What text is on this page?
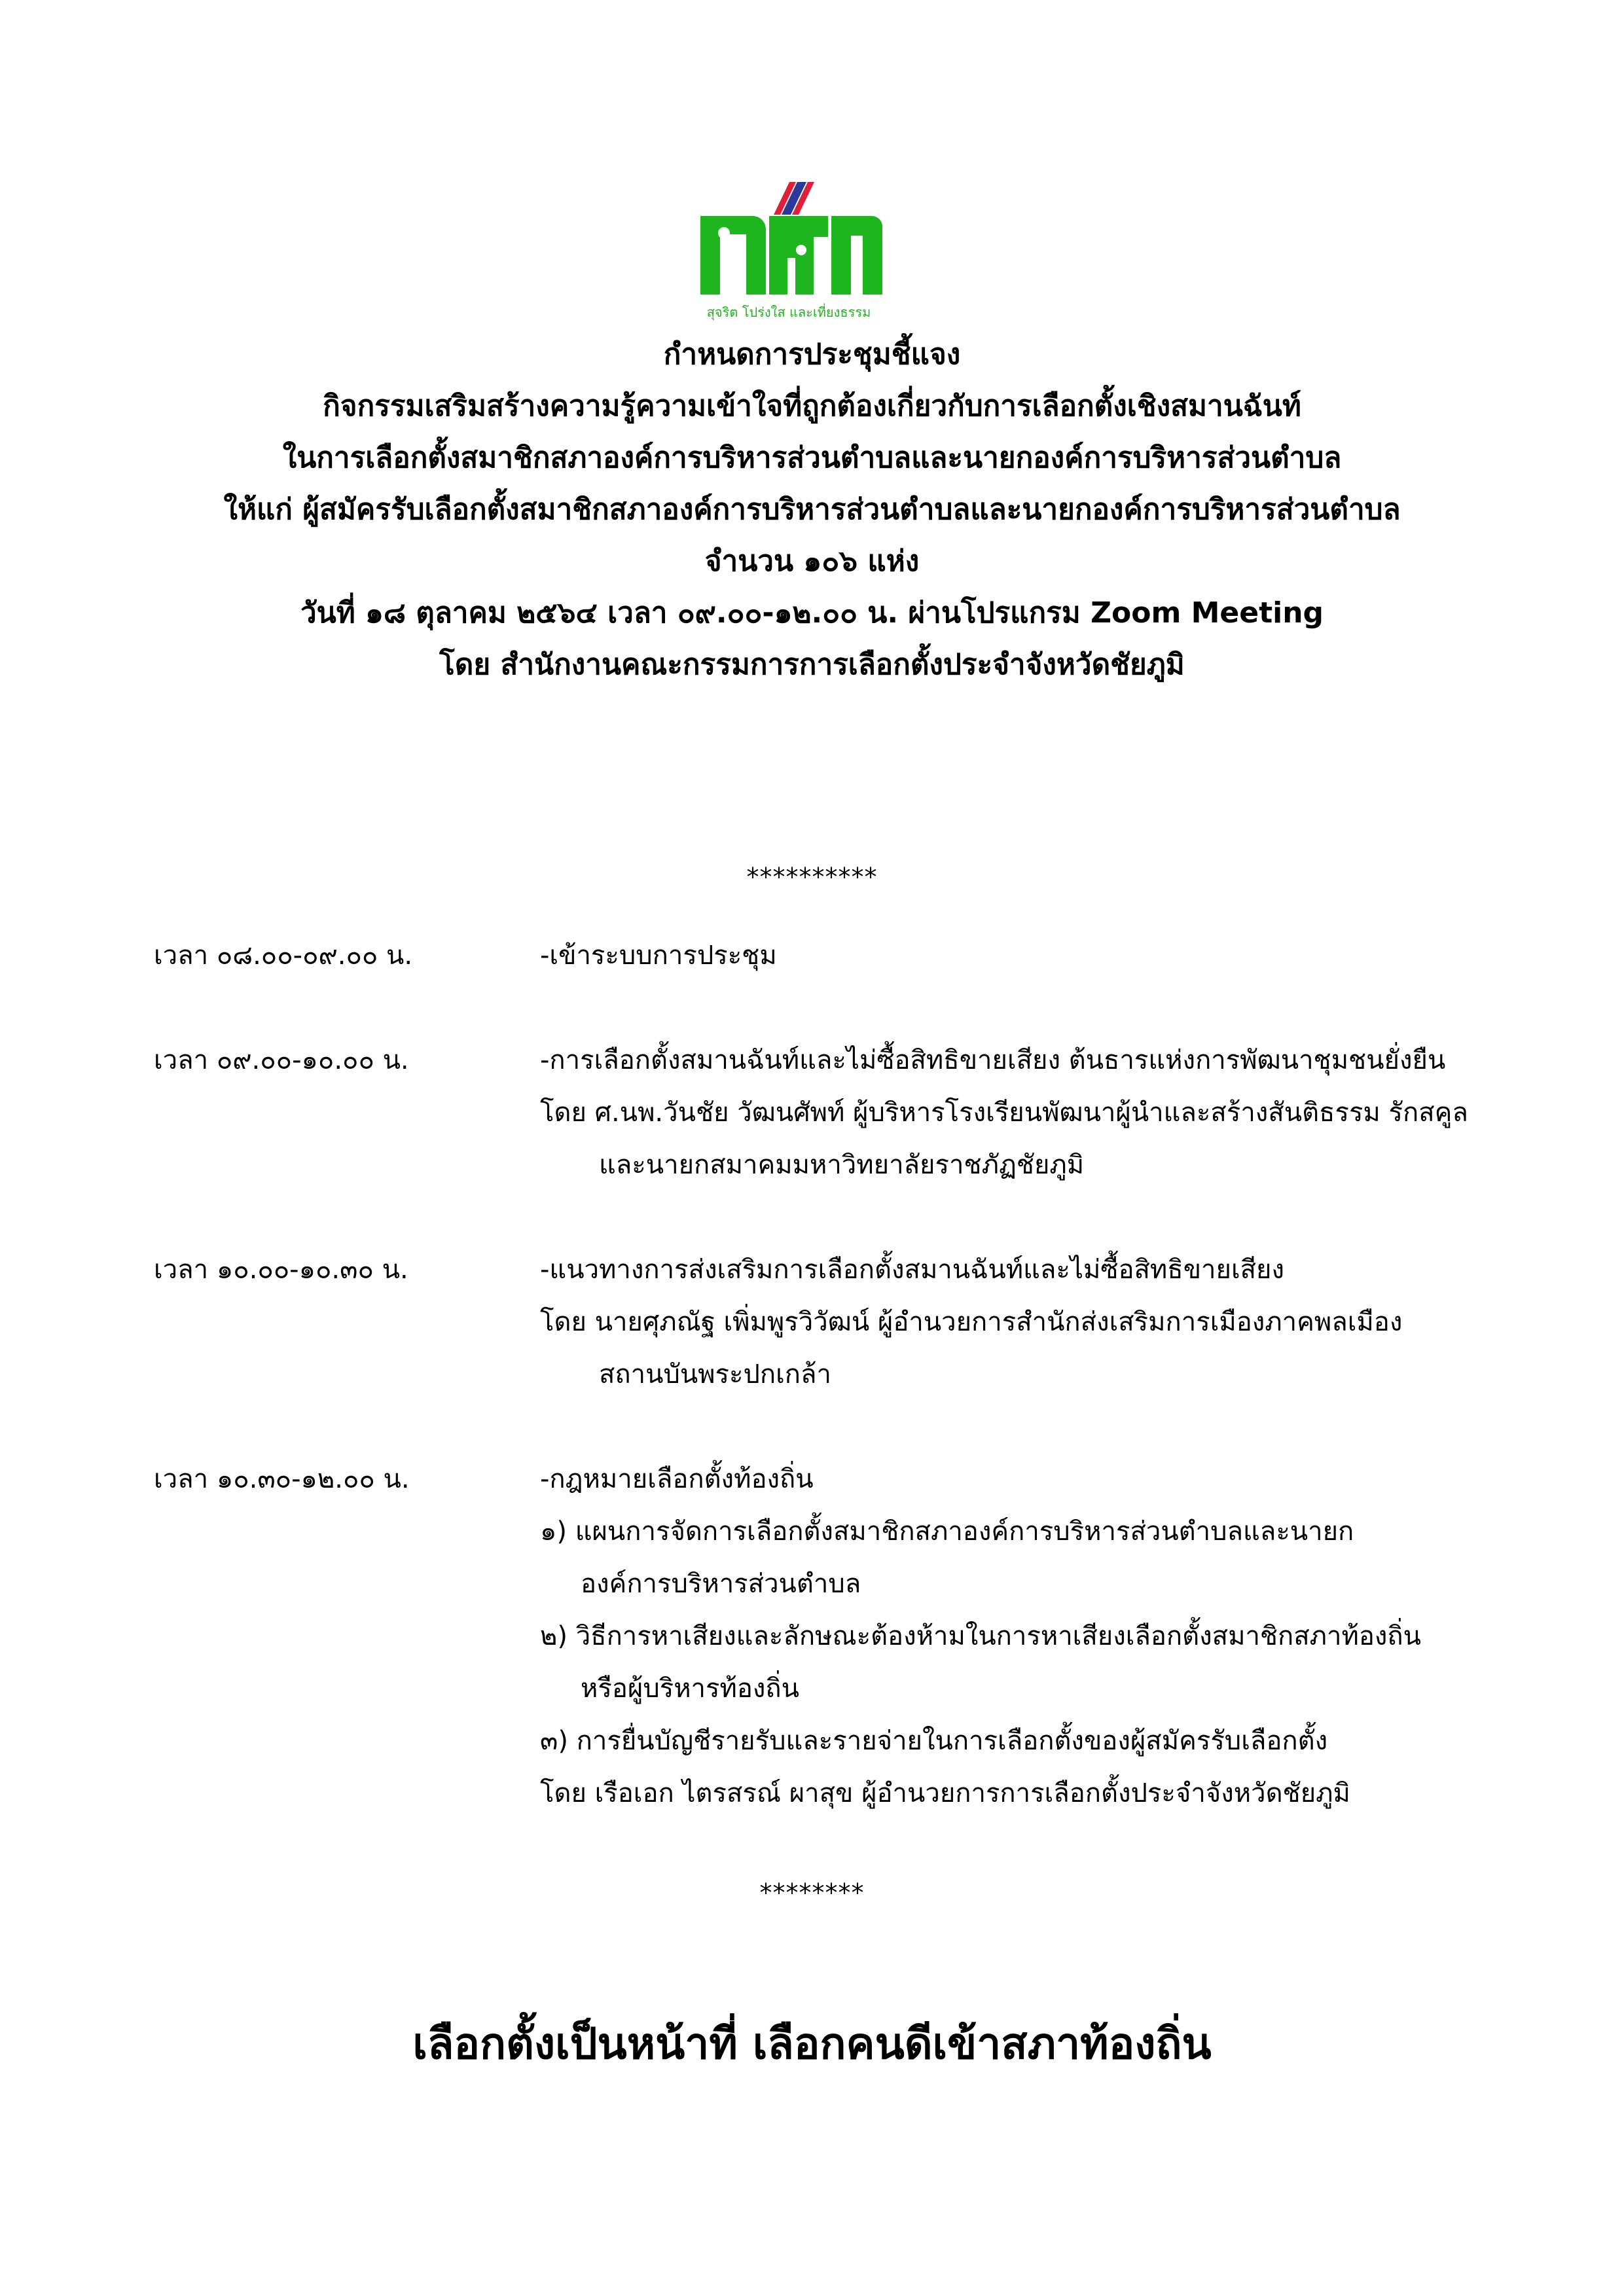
สุจริต โปร่งใส และเที่ยงธรรม
กำหนดการประชุมชี้แจง
กิจกรรมเสริมสร้างความรู้ความเข้าใจที่ถูกต้องเกี่ยวกับการเลือกตั้งเชิงสมานฉันท์
ในการเลือกตั้งสมาชิกสภาองค์การบริหารส่วนตำบลและนายกองค์การบริหารส่วนตำบล
ให้แก่ ผู้สมัครรับเลือกตั้งสมาชิกสภาองค์การบริหารส่วนตำบลและนายกองค์การบริหารส่วนตำบล
จำนวน ๑๐๖ แห่ง
วันที่ ๑๘ ตุลาคม ๒๕๖๔ เวลา ๐๙.๐๐-๑๒.๐๐ น. ผ่านโปรแกรม Zoom Meeting
โดย สำนักงานคณะกรรมการการเลือกตั้งประจำจังหวัดชัยภูมิ
**********
เวลา ๐๘.๐๐-๐๙.๐๐ น.	-เข้าระบบการประชุม
เวลา ๐๙.๐๐-๑๐.๐๐ น.	-การเลือกตั้งสมานฉันท์และไม่ซื้อสิทธิขายเสียง ต้นธารแห่งการพัฒนาชุมชนยั่งยืน
โดย ศ.นพ.วันชัย วัฒนศัพท์ ผู้บริหารโรงเรียนพัฒนาผู้นำและสร้างสันติธรรม รักสคูล
และนายกสมาคมมหาวิทยาลัยราชภัฏชัยภูมิ
เวลา ๑๐.๐๐-๑๐.๓๐ น.	-แนวทางการส่งเสริมการเลือกตั้งสมานฉันท์และไม่ซื้อสิทธิขายเสียง
โดย นายศุภณัฐ เพิ่มพูรวิวัฒน์ ผู้อำนวยการสำนักส่งเสริมการเมืองภาคพลเมือง
สถานบันพระปกเกล้า
เวลา ๑๐.๓๐-๑๒.๐๐ น.	-กฎหมายเลือกตั้งท้องถิ่น
๑) แผนการจัดการเลือกตั้งสมาชิกสภาองค์การบริหารส่วนตำบลและนายก
องค์การบริหารส่วนตำบล
๒) วิธีการหาเสียงและลักษณะต้องห้ามในการหาเสียงเลือกตั้งสมาชิกสภาท้องถิ่น
หรือผู้บริหารท้องถิ่น
๓) การยื่นบัญชีรายรับและรายจ่ายในการเลือกตั้งของผู้สมัครรับเลือกตั้ง
โดย เรือเอก ไตรสรณ์ ผาสุข ผู้อำนวยการการเลือกตั้งประจำจังหวัดชัยภูมิ
********
เลือกตั้งเป็นหน้าที่ เลือกคนดีเข้าสภาท้องถิ่น
